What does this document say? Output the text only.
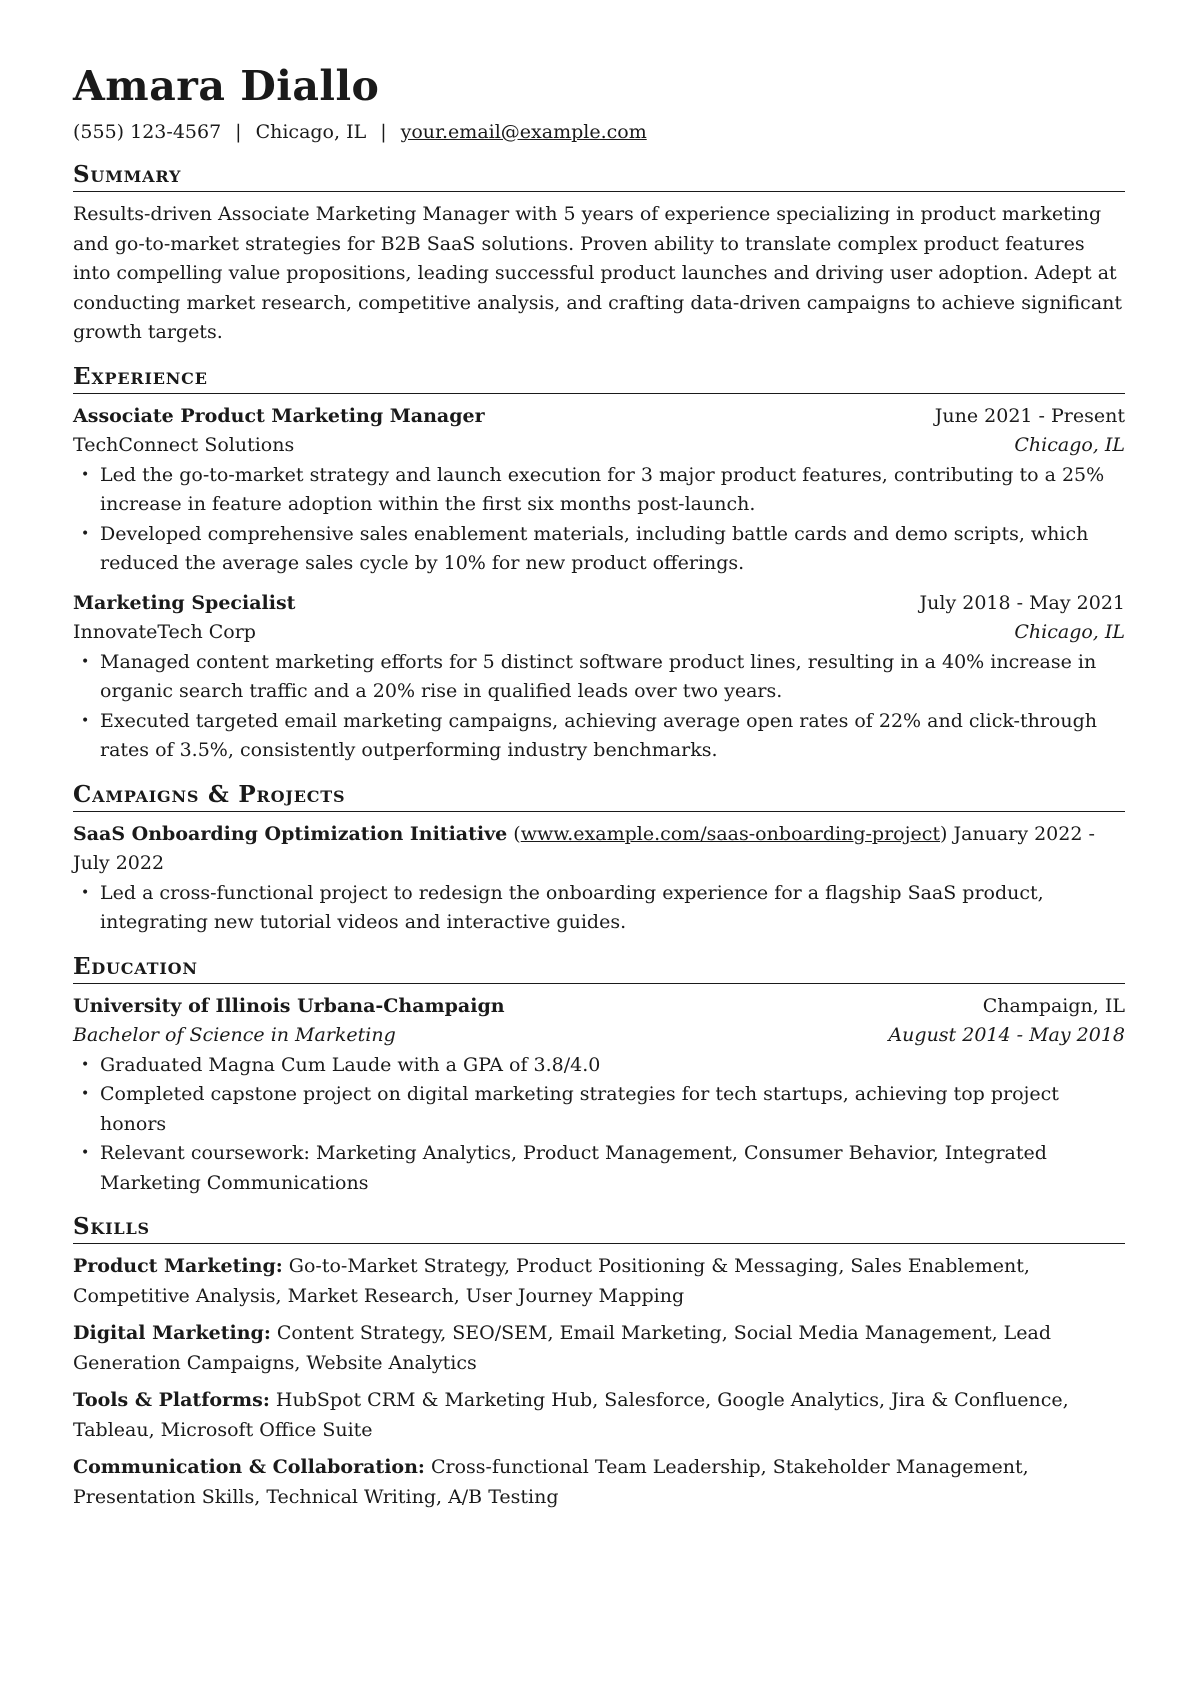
Amara Diallo
(555) 123-4567 | Chicago, IL | your.email@example.com
Summary

Results-driven Associate Marketing Manager with 5 years of experience specializing in product marketing and go-to-market strategies for B2B SaaS solutions. Proven ability to translate complex product features into compelling value propositions, leading successful product launches and driving user adoption. Adept at conducting market research, competitive analysis, and crafting data-driven campaigns to achieve significant growth targets.

Experience
Associate Product Marketing Manager	June 2021 - Present
TechConnect Solutions	Chicago, IL
• Led the go-to-market strategy and launch execution for 3 major product features, contributing to a 25% increase in feature adoption within the first six months post-launch.
• Developed comprehensive sales enablement materials, including battle cards and demo scripts, which reduced the average sales cycle by 10% for new product offerings.
Marketing Specialist	July 2018 - May 2021
InnovateTech Corp	Chicago, IL
• Managed content marketing efforts for 5 distinct software product lines, resulting in a 40% increase in organic search traffic and a 20% rise in qualified leads over two years.
• Executed targeted email marketing campaigns, achieving average open rates of 22% and click-through rates of 3.5%, consistently outperforming industry benchmarks.
Campaigns & Projects
SaaS Onboarding Optimization Initiative (www.example.com/saas-onboarding-project) January 2022 - July 2022
• Led a cross-functional project to redesign the onboarding experience for a flagship SaaS product, integrating new tutorial videos and interactive guides.
Education
University of Illinois Urbana-Champaign	Champaign, IL
Bachelor of Science in Marketing	August 2014 - May 2018
• Graduated Magna Cum Laude with a GPA of 3.8/4.0
• Completed capstone project on digital marketing strategies for tech startups, achieving top project honors
• Relevant coursework: Marketing Analytics, Product Management, Consumer Behavior, Integrated Marketing Communications
Skills
Product Marketing: Go-to-Market Strategy, Product Positioning & Messaging, Sales Enablement, Competitive Analysis, Market Research, User Journey Mapping
Digital Marketing: Content Strategy, SEO/SEM, Email Marketing, Social Media Management, Lead Generation Campaigns, Website Analytics
Tools & Platforms: HubSpot CRM & Marketing Hub, Salesforce, Google Analytics, Jira & Confluence, Tableau, Microsoft Office Suite
Communication & Collaboration: Cross-functional Team Leadership, Stakeholder Management, Presentation Skills, Technical Writing, A/B Testing
